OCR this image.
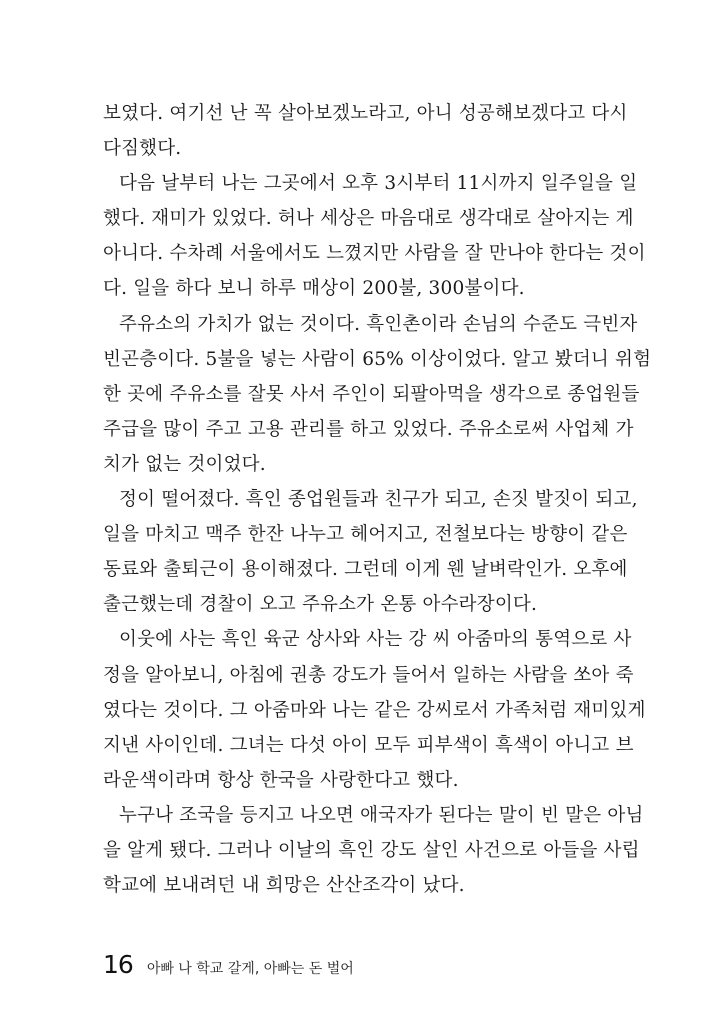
보였다. 여기선 난 꼭 살아보겠노라고, 아니 성공해보겠다고 다시
다짐했다.
다음 날부터 나는 그곳에서 오후 3시부터 11시까지 일주일을 일
했다. 재미가 있었다. 허나 세상은 마음대로 생각대로 살아지는 게
아니다. 수차례 서울에서도 느꼈지만 사람을 잘 만나야 한다는 것이
다. 일을 하다 보니 하루 매상이 200불, 300불이다.
주유소의 가치가 없는 것이다. 흑인촌이라 손님의 수준도 극빈자
빈곤층이다. 5불을 넣는 사람이 65% 이상이었다. 알고 봤더니 위험
한 곳에 주유소를 잘못 사서 주인이 되팔아먹을 생각으로 종업원들
주급을 많이 주고 고용 관리를 하고 있었다. 주유소로써 사업체 가
치가 없는 것이었다.
정이 떨어졌다. 흑인 종업원들과 친구가 되고, 손짓 발짓이 되고,
일을 마치고 맥주 한잔 나누고 헤어지고, 전철보다는 방향이 같은
동료와 출퇴근이 용이해졌다. 그런데 이게 웬 날벼락인가. 오후에
출근했는데 경찰이 오고 주유소가 온통 아수라장이다.
이웃에 사는 흑인 육군 상사와 사는 강 씨 아줌마의 통역으로 사
정을 알아보니, 아침에 권총 강도가 들어서 일하는 사람을 쏘아 죽
였다는 것이다. 그 아줌마와 나는 같은 강씨로서 가족처럼 재미있게
지낸 사이인데. 그녀는 다섯 아이 모두 피부색이 흑색이 아니고 브
라운색이라며 항상 한국을 사랑한다고 했다.
누구나 조국을 등지고 나오면 애국자가 된다는 말이 빈 말은 아님
을 알게 됐다. 그러나 이날의 흑인 강도 살인 사건으로 아들을 사립
학교에 보내려던 내 희망은 산산조각이 났다.
16 아빠 나 학교 갈게, 아빠는 돈 벌어
